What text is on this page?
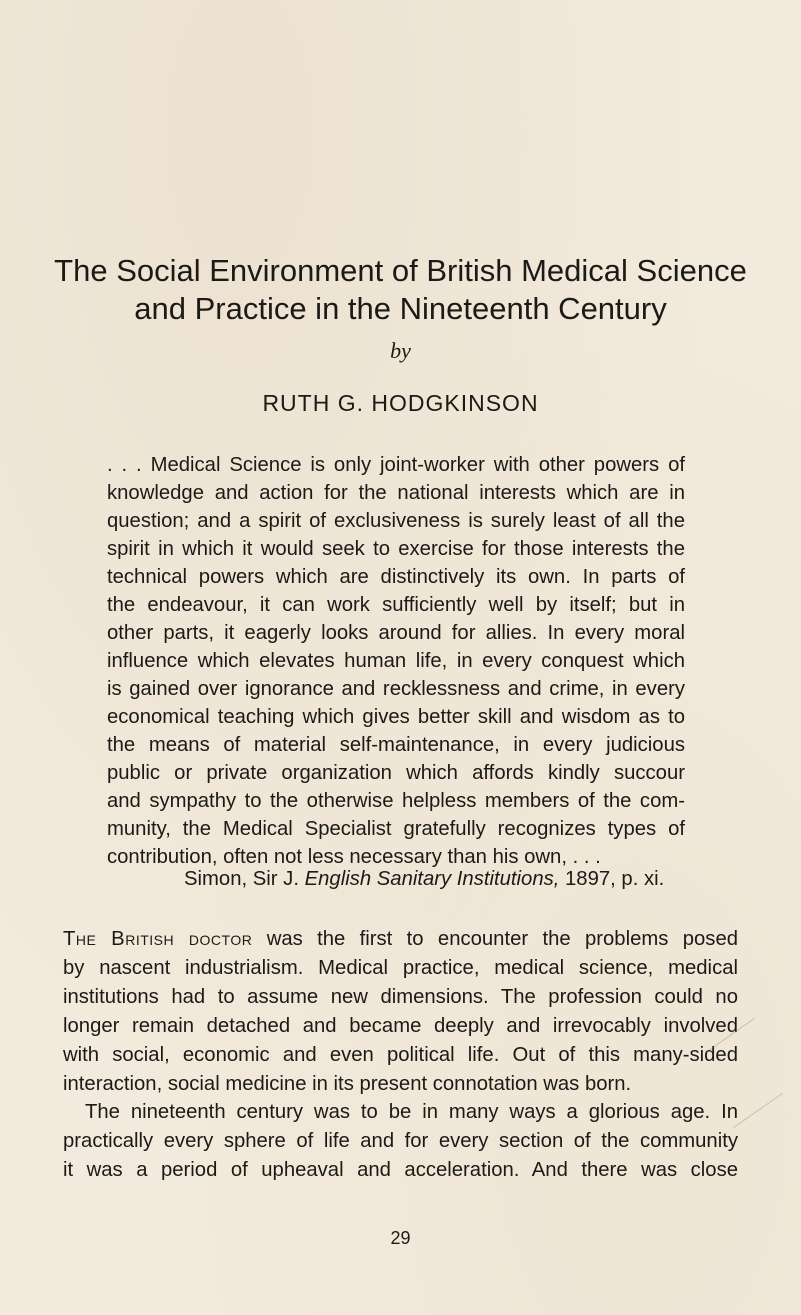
The Social Environment of British Medical Science
and Practice in the Nineteenth Century
by
RUTH G. HODGKINSON
. . . Medical Science is only joint-worker with other powers of
knowledge and action for the national interests which are in
question; and a spirit of exclusiveness is surely least of all the
spirit in which it would seek to exercise for those interests the
technical powers which are distinctively its own. In parts of
the endeavour, it can work sufficiently well by itself; but in
other parts, it eagerly looks around for allies. In every moral
influence which elevates human life, in every conquest which
is gained over ignorance and recklessness and crime, in every
economical teaching which gives better skill and wisdom as to
the means of material self-maintenance, in every judicious
public or private organization which affords kindly succour
and sympathy to the otherwise helpless members of the com-
munity, the Medical Specialist gratefully recognizes types of
contribution, often not less necessary than his own, . . .
Simon, Sir J. English Sanitary Institutions, 1897, p. xi.
The British doctor was the first to encounter the problems posed
by nascent industrialism. Medical practice, medical science, medical
institutions had to assume new dimensions. The profession could no
longer remain detached and became deeply and irrevocably involved
with social, economic and even political life. Out of this many-sided
interaction, social medicine in its present connotation was born.
The nineteenth century was to be in many ways a glorious age. In
practically every sphere of life and for every section of the community
it was a period of upheaval and acceleration. And there was close
29
